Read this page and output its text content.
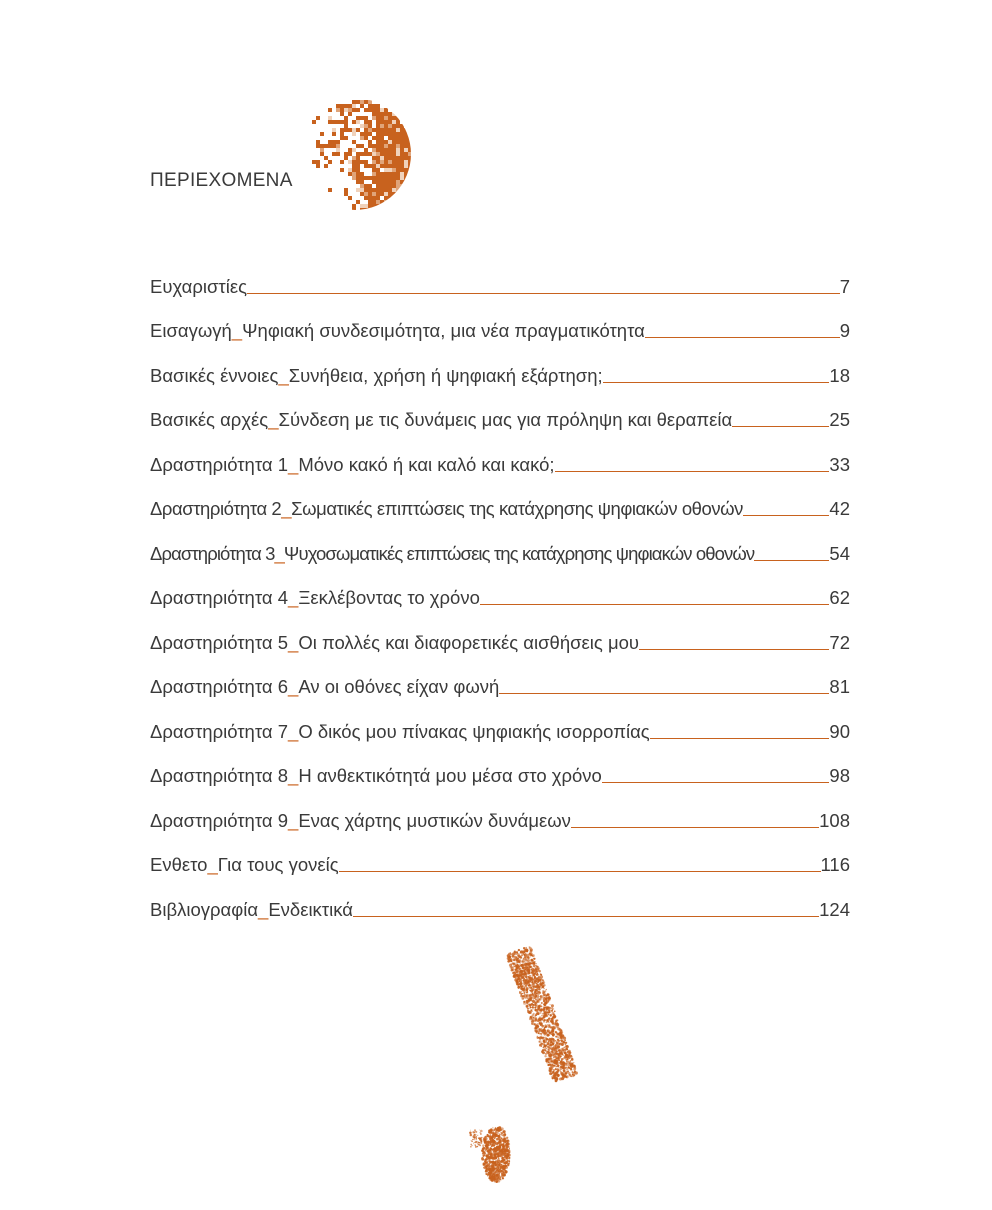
ΠΕΡΙΕΧΟΜΕΝΑ
Ευχαριστίες	7
Εισαγωγή_Ψηφιακή συνδεσιμότητα, μια νέα πραγματικότητα	9
Βασικές έννοιες_Συνήθεια, χρήση ή ψηφιακή εξάρτηση;	18
Βασικές αρχές_Σύνδεση με τις δυνάμεις μας για πρόληψη και θεραπεία	25
Δραστηριότητα 1_Μόνο κακό ή και καλό και κακό;	33
Δραστηριότητα 2_Σωματικές επιπτώσεις της κατάχρησης ψηφιακών οθονών	42
Δραστηριότητα 3_Ψυχοσωματικές επιπτώσεις της κατάχρησης ψηφιακών οθονών	54
Δραστηριότητα 4_Ξεκλέβοντας το χρόνο	62
Δραστηριότητα 5_Οι πολλές και διαφορετικές αισθήσεις μου	72
Δραστηριότητα 6_Αν οι οθόνες είχαν φωνή	81
Δραστηριότητα 7_Ο δικός μου πίνακας ψηφιακής ισορροπίας	90
Δραστηριότητα 8_Η ανθεκτικότητά μου μέσα στο χρόνο	98
Δραστηριότητα 9_Ενας χάρτης μυστικών δυνάμεων	108
Ενθετο_Για τους γονείς	116
Βιβλιογραφία_Ενδεικτικά	124
